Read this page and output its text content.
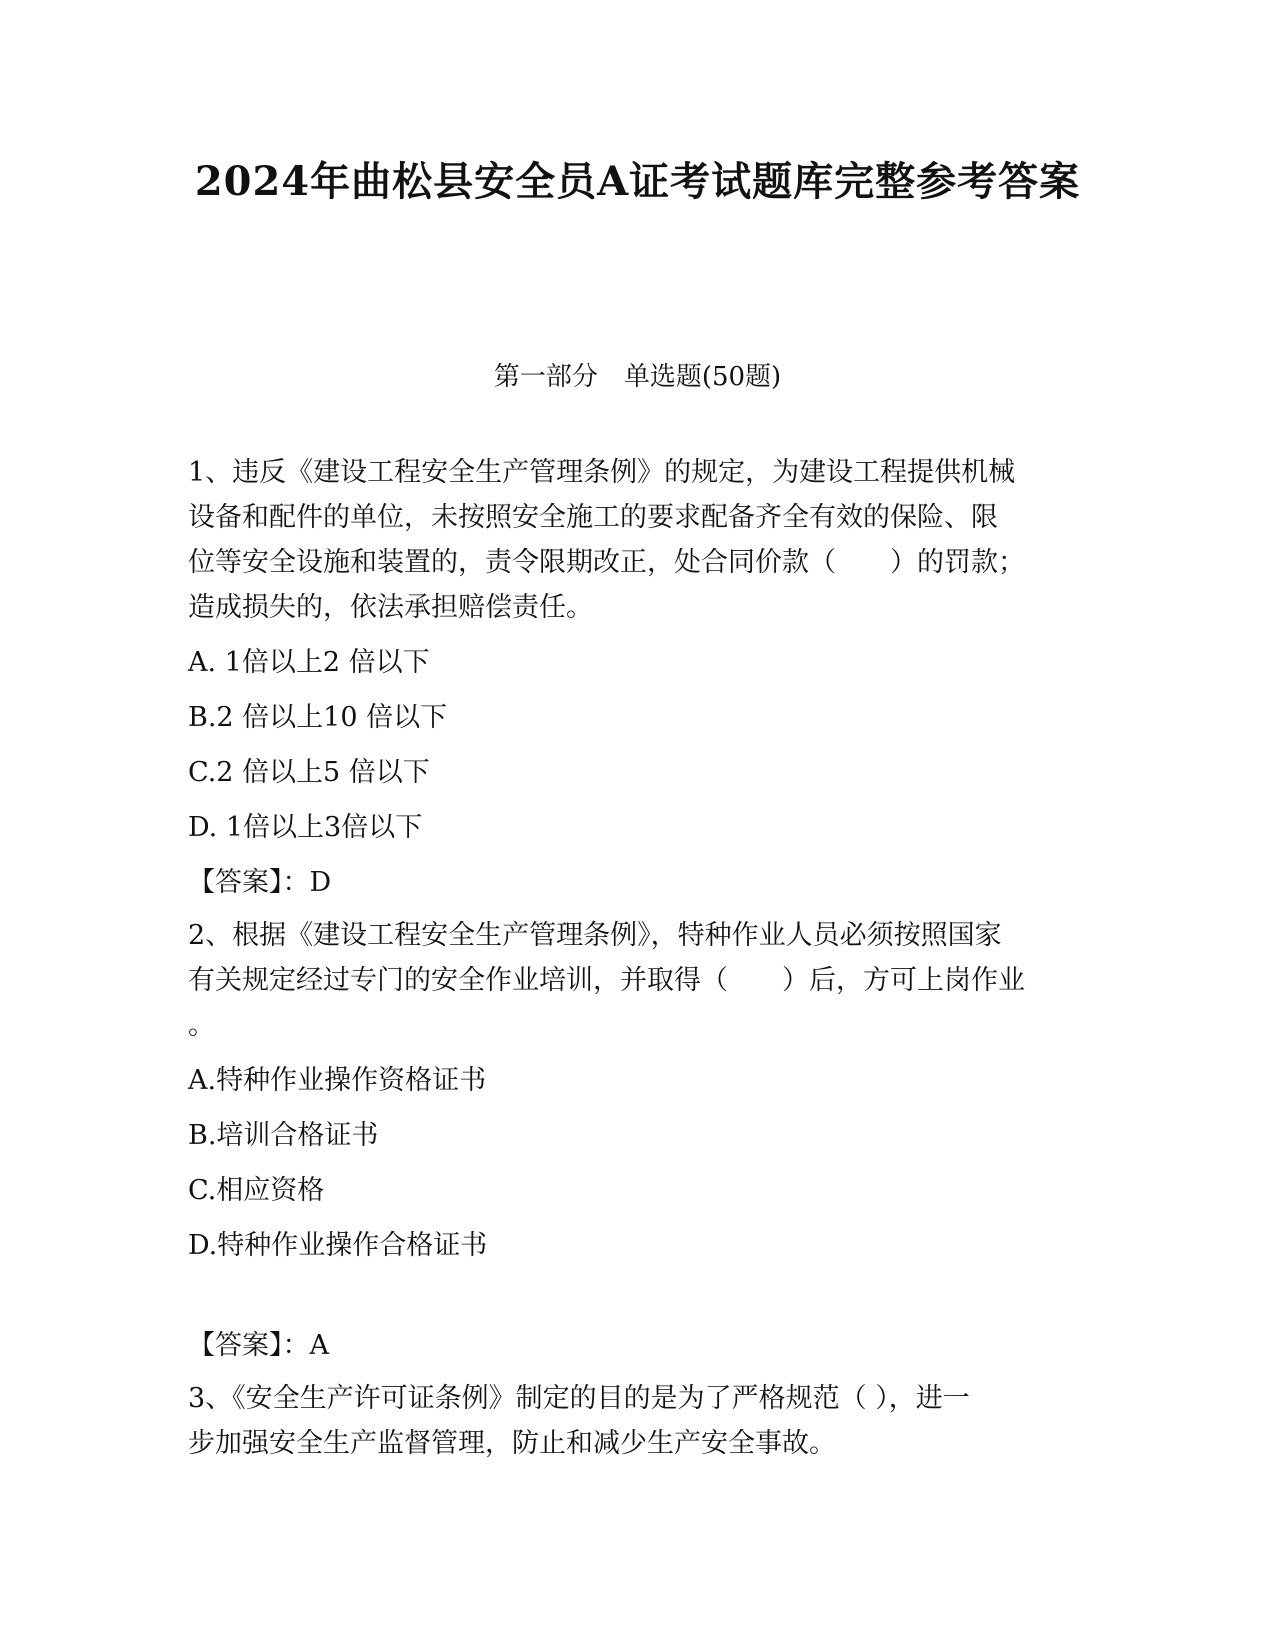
2024年曲松县安全员A证考试题库完整参考答案
第一部分　单选题(50题)
1、违反《建设工程安全生产管理条例》的规定，为建设工程提供机械
设备和配件的单位，未按照安全施工的要求配备齐全有效的保险、限
位等安全设施和装置的，责令限期改正，处合同价款（　　）的罚款；
造成损失的，依法承担赔偿责任。
A. 1倍以上2 倍以下
B.2 倍以上10 倍以下
C.2 倍以上5 倍以下
D. 1倍以上3倍以下
【答案】：D
2、根据《建设工程安全生产管理条例》，特种作业人员必须按照国家
有关规定经过专门的安全作业培训，并取得（　　）后，方可上岗作业
。
A.特种作业操作资格证书
B.培训合格证书
C.相应资格
D.特种作业操作合格证书
【答案】：A
3、《安全生产许可证条例》制定的目的是为了严格规范（ ），进一
步加强安全生产监督管理，防止和减少生产安全事故。
